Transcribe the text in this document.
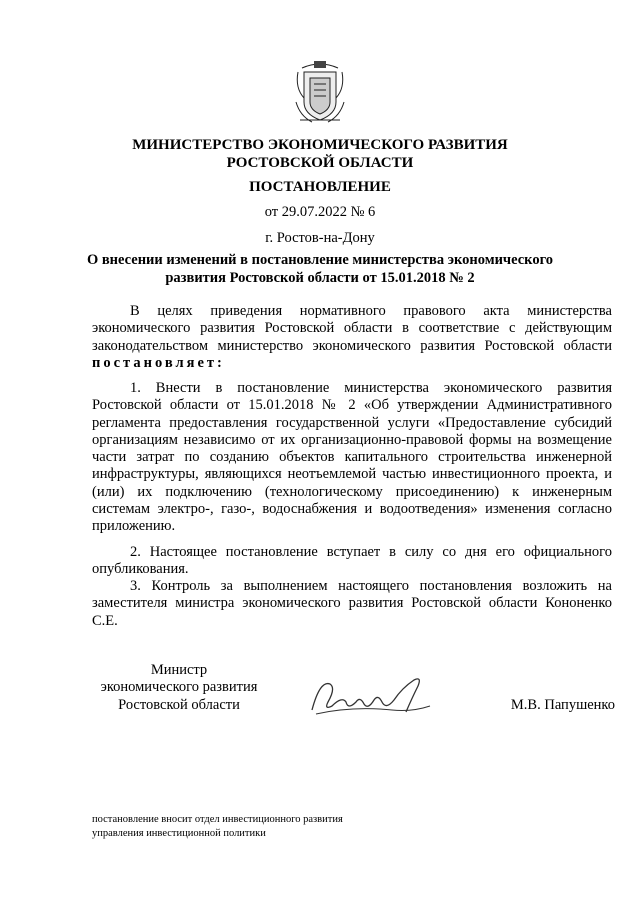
МИНИСТЕРСТВО ЭКОНОМИЧЕСКОГО РАЗВИТИЯ
РОСТОВСКОЙ ОБЛАСТИ
ПОСТАНОВЛЕНИЕ
от 29.07.2022 № 6
г. Ростов-на-Дону
О внесении изменений в постановление министерства экономического развития Ростовской области от 15.01.2018 № 2
В целях приведения нормативного правового акта министерства экономического развития Ростовской области в соответствие с действующим законодательством министерство экономического развития Ростовской области постановляет:
1. Внести в постановление министерства экономического развития Ростовской области от 15.01.2018 № 2 «Об утверждении Административного регламента предоставления государственной услуги «Предоставление субсидий организациям независимо от их организационно-правовой формы на возмещение части затрат по созданию объектов капитального строительства инженерной инфраструктуры, являющихся неотъемлемой частью инвестиционного проекта, и (или) их подключению (технологическому присоединению) к инженерным системам электро-, газо-, водоснабжения и водоотведения» изменения согласно приложению.
2. Настоящее постановление вступает в силу со дня его официального опубликования.
3. Контроль за выполнением настоящего постановления возложить на заместителя министра экономического развития Ростовской области Кононенко С.Е.
Министр
экономического развития
Ростовской области	М.В. Папушенко
постановление вносит отдел инвестиционного развития
управления инвестиционной политики
